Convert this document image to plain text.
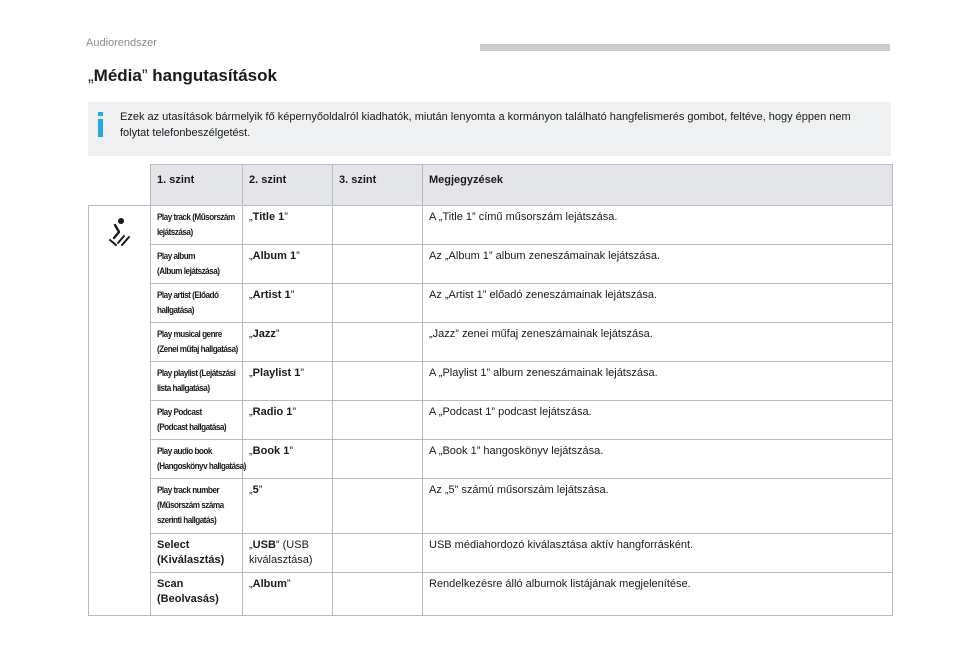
Audiorendszer
„Média” hangutasítások
Ezek az utasítások bármelyik fő képernyőoldalról kiadhatók, miután lenyomta a kormányon található hangfelismerés gombot, feltéve, hogy éppen nem folytat telefonbeszélgetést.
	1. szint	2. szint	3. szint	Megjegyzések

Play track (Műsorszám
lejátszása)	„Title 1”		A „Title 1” című műsorszám lejátszása.

	Play album
(Album lejátszása)	„Album 1”		Az „Album 1” album zeneszámainak lejátszása.

	Play artist (Előadó
hallgatása)	„Artist 1”		Az „Artist 1” előadó zeneszámainak lejátszása.

	Play musical genre
(Zenei műfaj hallgatása)	„Jazz”		„Jazz” zenei műfaj zeneszámainak lejátszása.

	Play playlist (Lejátszási
lista hallgatása)	„Playlist 1”		A „Playlist 1” album zeneszámainak lejátszása.

	Play Podcast
(Podcast hallgatása)	„Radio 1”		A „Podcast 1” podcast lejátszása.

	Play audio book
(Hangoskönyv hallgatása)	„Book 1”		A „Book 1” hangoskönyv lejátszása.

	Play track number
(Műsorszám száma
szerinti hallgatás)	„5”		Az „5” számú műsorszám lejátszása.

	Select
(Kiválasztás)	„USB” (USB kiválasztása)		USB médiahordozó kiválasztása aktív hangforrásként.

	Scan
(Beolvasás)	„Album”		Rendelkezésre álló albumok listájának megjelenítése.
